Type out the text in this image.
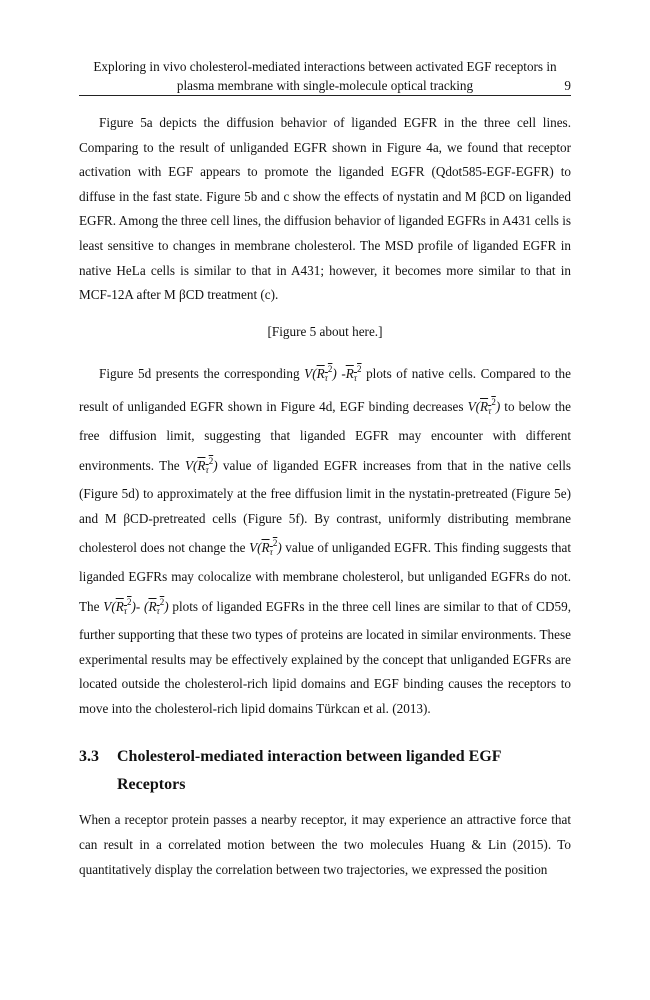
Exploring in vivo cholesterol-mediated interactions between activated EGF receptors in
plasma membrane with single-molecule optical tracking	9

Figure 5a depicts the diffusion behavior of liganded EGFR in the three cell lines. Comparing to the result of unliganded EGFR shown in Figure 4a, we found that receptor activation with EGF appears to promote the liganded EGFR (Qdot585-EGF-EGFR) to diffuse in the fast state. Figure 5b and c show the effects of nystatin and M βCD on liganded EGFR. Among the three cell lines, the diffusion behavior of liganded EGFRs in A431 cells is least sensitive to changes in membrane cholesterol. The MSD profile of liganded EGFR in native HeLa cells is similar to that in A431; however, it becomes more similar to that in MCF-12A after M βCD treatment (c).

[Figure 5 about here.]

Figure 5d presents the corresponding $V(R_\tau^2)$ $-R_\tau^2$ plots of native cells. Compared to the result of unliganded EGFR shown in Figure 4d, EGF binding decreases $V(R_\tau^2)$ to below the free diffusion limit, suggesting that liganded EGFR may encounter with different environments. The $V(R_\tau^2)$ value of liganded EGFR increases from that in the native cells (Figure 5d) to approximately at the free diffusion limit in the nystatin-pretreated (Figure 5e) and M βCD-pretreated cells (Figure 5f). By contrast, uniformly distributing membrane cholesterol does not change the $V(R_\tau^2)$ value of unliganded EGFR. This finding suggests that liganded EGFRs may colocalize with membrane cholesterol, but unliganded EGFRs do not. The $V(R_\tau^2)-$ $(R_\tau^2)$ plots of liganded EGFRs in the three cell lines are similar to that of CD59, further supporting that these two types of proteins are located in similar environments. These experimental results may be effectively explained by the concept that unliganded EGFRs are located outside the cholesterol-rich lipid domains and EGF binding causes the receptors to move into the cholesterol-rich lipid domains Türkcan et al. (2013).

3.3	Cholesterol-mediated interaction between liganded EGF Receptors

When a receptor protein passes a nearby receptor, it may experience an attractive force that can result in a correlated motion between the two molecules Huang & Lin (2015). To quantitatively display the correlation between two trajectories, we expressed the position
